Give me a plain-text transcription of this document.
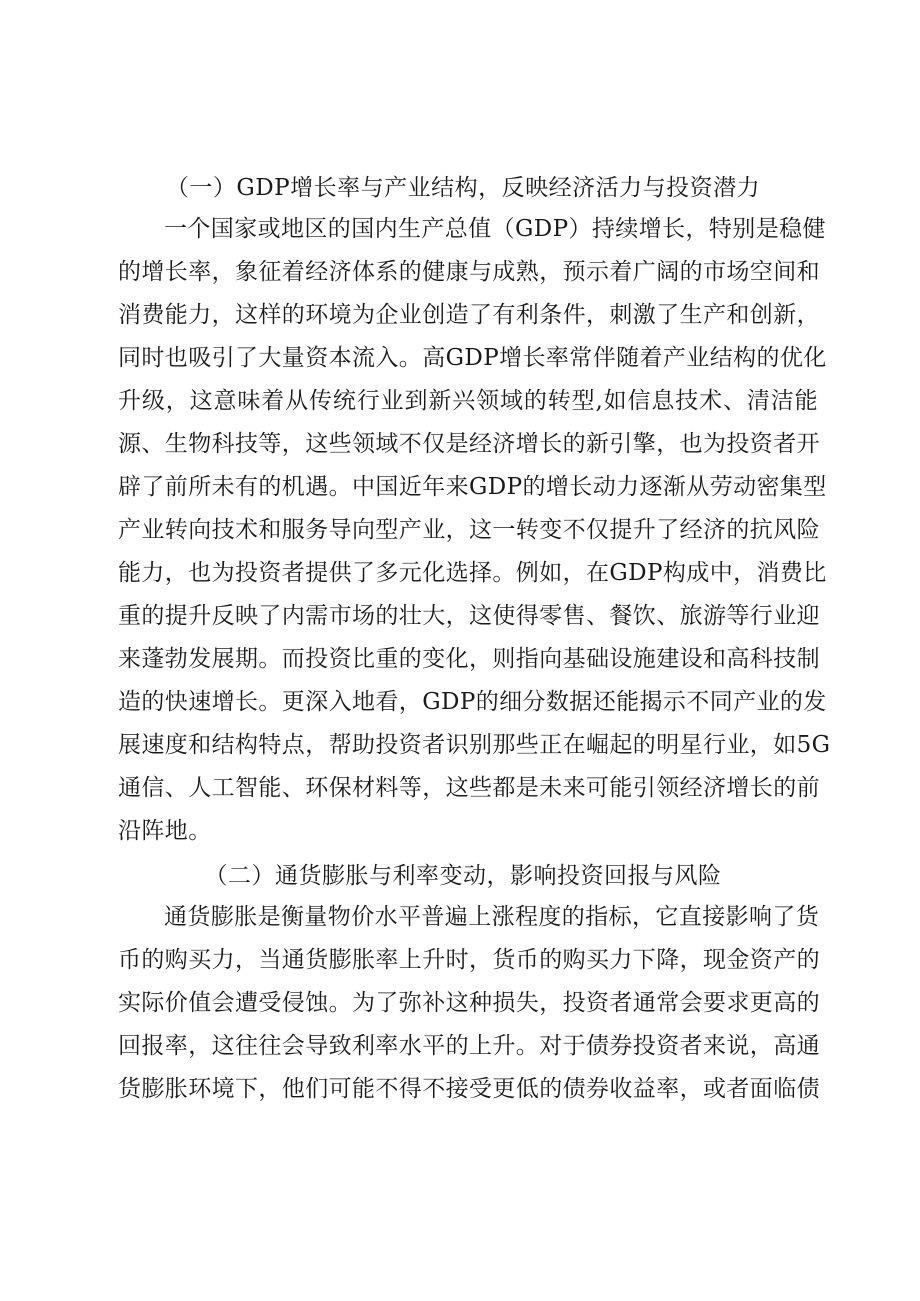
（一）GDP增长率与产业结构，反映经济活力与投资潜力
一个国家或地区的国内生产总值（GDP）持续增长，特别是稳健
的增长率，象征着经济体系的健康与成熟，预示着广阔的市场空间和
消费能力，这样的环境为企业创造了有利条件，刺激了生产和创新，
同时也吸引了大量资本流入。高GDP增长率常伴随着产业结构的优化
升级，这意味着从传统行业到新兴领域的转型,如信息技术、清洁能
源、生物科技等，这些领域不仅是经济增长的新引擎，也为投资者开
辟了前所未有的机遇。中国近年来GDP的增长动力逐渐从劳动密集型
产业转向技术和服务导向型产业，这一转变不仅提升了经济的抗风险
能力，也为投资者提供了多元化选择。例如，在GDP构成中，消费比
重的提升反映了内需市场的壮大，这使得零售、餐饮、旅游等行业迎
来蓬勃发展期。而投资比重的变化，则指向基础设施建设和高科技制
造的快速增长。更深入地看，GDP的细分数据还能揭示不同产业的发
展速度和结构特点，帮助投资者识别那些正在崛起的明星行业，如5G
通信、人工智能、环保材料等，这些都是未来可能引领经济增长的前
沿阵地。
（二）通货膨胀与利率变动，影响投资回报与风险
通货膨胀是衡量物价水平普遍上涨程度的指标，它直接影响了货
币的购买力，当通货膨胀率上升时，货币的购买力下降，现金资产的
实际价值会遭受侵蚀。为了弥补这种损失，投资者通常会要求更高的
回报率，这往往会导致利率水平的上升。对于债券投资者来说，高通
货膨胀环境下，他们可能不得不接受更低的债券收益率，或者面临债
